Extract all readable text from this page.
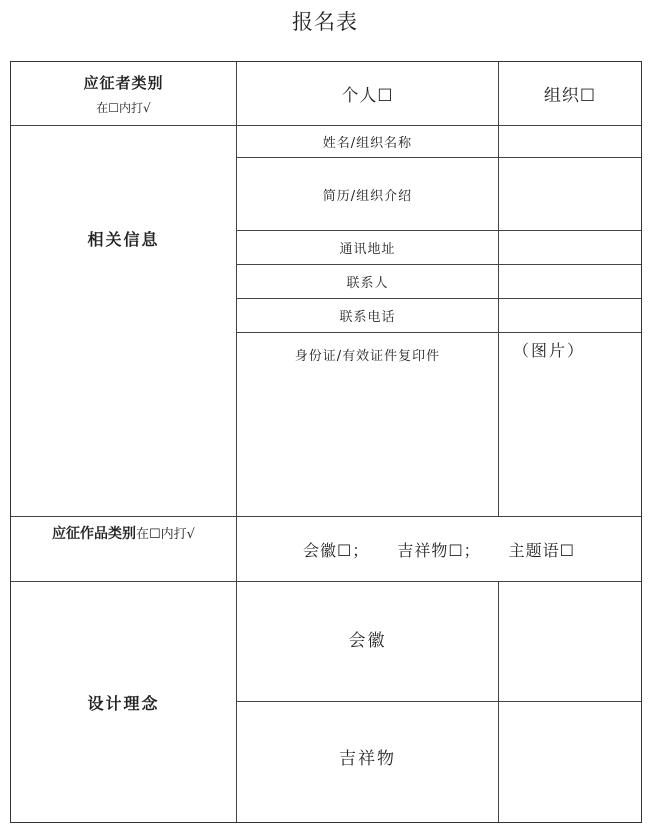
报名表
应征者类别
在☐内打√
个人☐	组织☐
相关信息
姓名/组织名称
简历/组织介绍
通讯地址
联系人
联系电话
身份证/有效证件复印件	（图片）
应征作品类别 在☐内打√
会徽☐； 吉祥物☐； 主题语☐
设计理念
会徽
吉祥物
